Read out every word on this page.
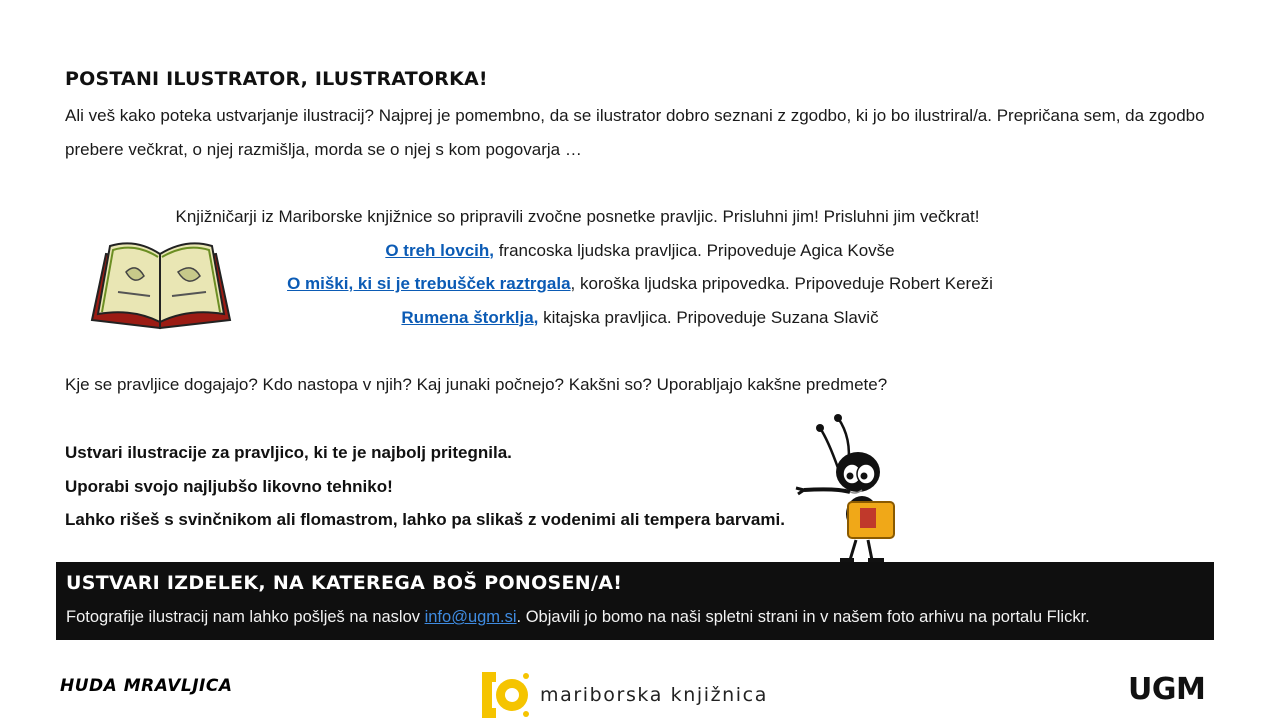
POSTANI ILUSTRATOR, ILUSTRATORKA!
Ali veš kako poteka ustvarjanje ilustracij? Najprej je pomembno, da se ilustrator dobro seznani z zgodbo, ki jo bo ilustriral/a. Prepričana sem, da zgodbo prebere večkrat, o njej razmišlja, morda se o njej s kom pogovarja …
Knjižničarji iz Mariborske knjižnice so pripravili zvočne posnetke pravljic. Prisluhni jim! Prisluhni jim večkrat!
O treh lovcih, francoska ljudska pravljica. Pripoveduje Agica Kovše
O miški, ki si je trebušček raztrgala, koroška ljudska pripovedka. Pripoveduje Robert Kereži
Rumena štorklja, kitajska pravljica. Pripoveduje Suzana Slavič
Kje se pravljice dogajajo? Kdo nastopa v njih? Kaj junaki počnejo? Kakšni so? Uporabljajo kakšne predmete?
Ustvari ilustracije za pravljico, ki te je najbolj pritegnila.
Uporabi svojo najljubšo likovno tehniko!
Lahko rišeš s svinčnikom ali flomastrom, lahko pa slikaš z vodenimi ali tempera barvami.
USTVARI IZDELEK, NA KATEREGA BOŠ PONOSEN/A!
Fotografije ilustracij nam lahko pošlješ na naslov info@ugm.si. Objavili jo bomo na naši spletni strani in v našem foto arhivu na portalu Flickr.
HUDA MRAVLJICA	mariborska knjižnica	UGM
